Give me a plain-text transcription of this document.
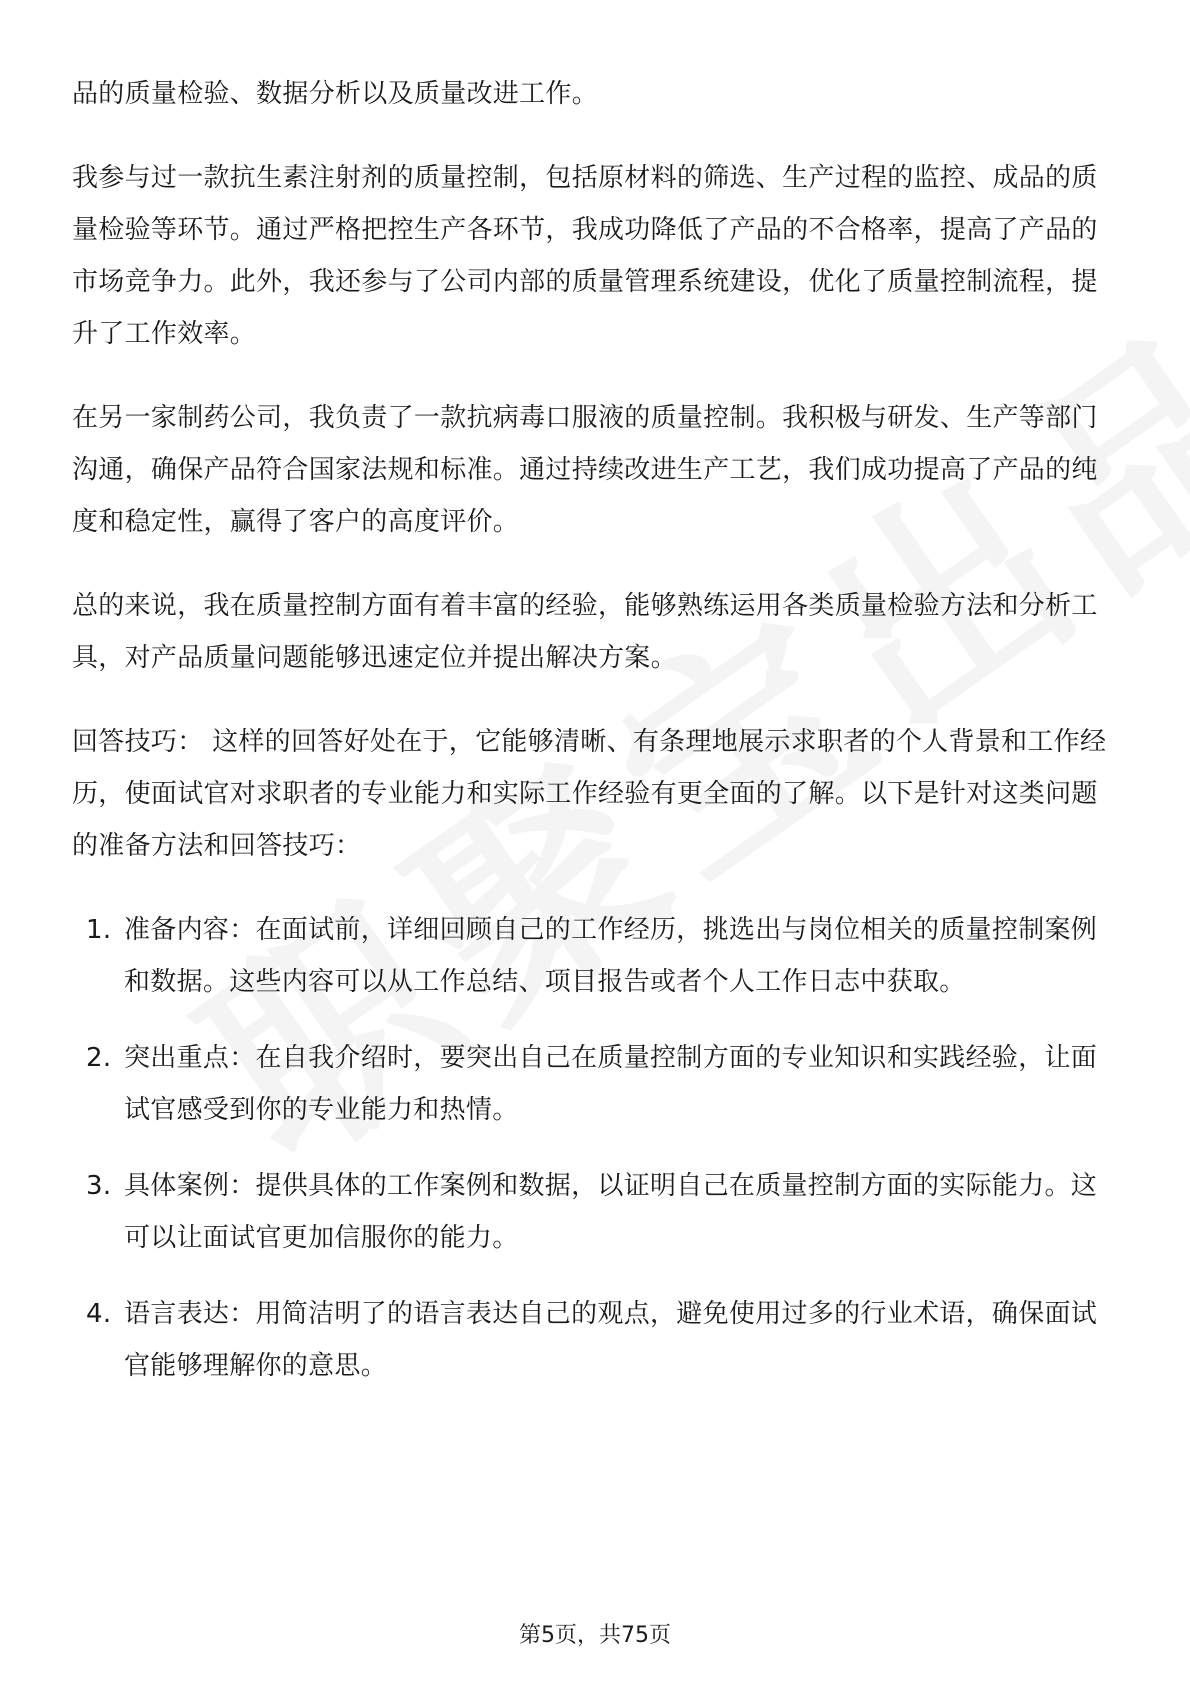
品的质量检验、数据分析以及质量改进工作。

我参与过一款抗生素注射剂的质量控制，包括原材料的筛选、生产过程的监控、成品的质量检验等环节。通过严格把控生产各环节，我成功降低了产品的不合格率，提高了产品的市场竞争力。此外，我还参与了公司内部的质量管理系统建设，优化了质量控制流程，提升了工作效率。

在另一家制药公司，我负责了一款抗病毒口服液的质量控制。我积极与研发、生产等部门沟通，确保产品符合国家法规和标准。通过持续改进生产工艺，我们成功提高了产品的纯度和稳定性，赢得了客户的高度评价。

总的来说，我在质量控制方面有着丰富的经验，能够熟练运用各类质量检验方法和分析工具，对产品质量问题能够迅速定位并提出解决方案。

回答技巧： 这样的回答好处在于，它能够清晰、有条理地展示求职者的个人背景和工作经历，使面试官对求职者的专业能力和实际工作经验有更全面的了解。以下是针对这类问题的准备方法和回答技巧：

1. 准备内容：在面试前，详细回顾自己的工作经历，挑选出与岗位相关的质量控制案例和数据。这些内容可以从工作总结、项目报告或者个人工作日志中获取。
2. 突出重点：在自我介绍时，要突出自己在质量控制方面的专业知识和实践经验，让面试官感受到你的专业能力和热情。
3. 具体案例：提供具体的工作案例和数据，以证明自己在质量控制方面的实际能力。这可以让面试官更加信服你的能力。
4. 语言表达：用简洁明了的语言表达自己的观点，避免使用过多的行业术语，确保面试官能够理解你的意思。
第5页，共75页
